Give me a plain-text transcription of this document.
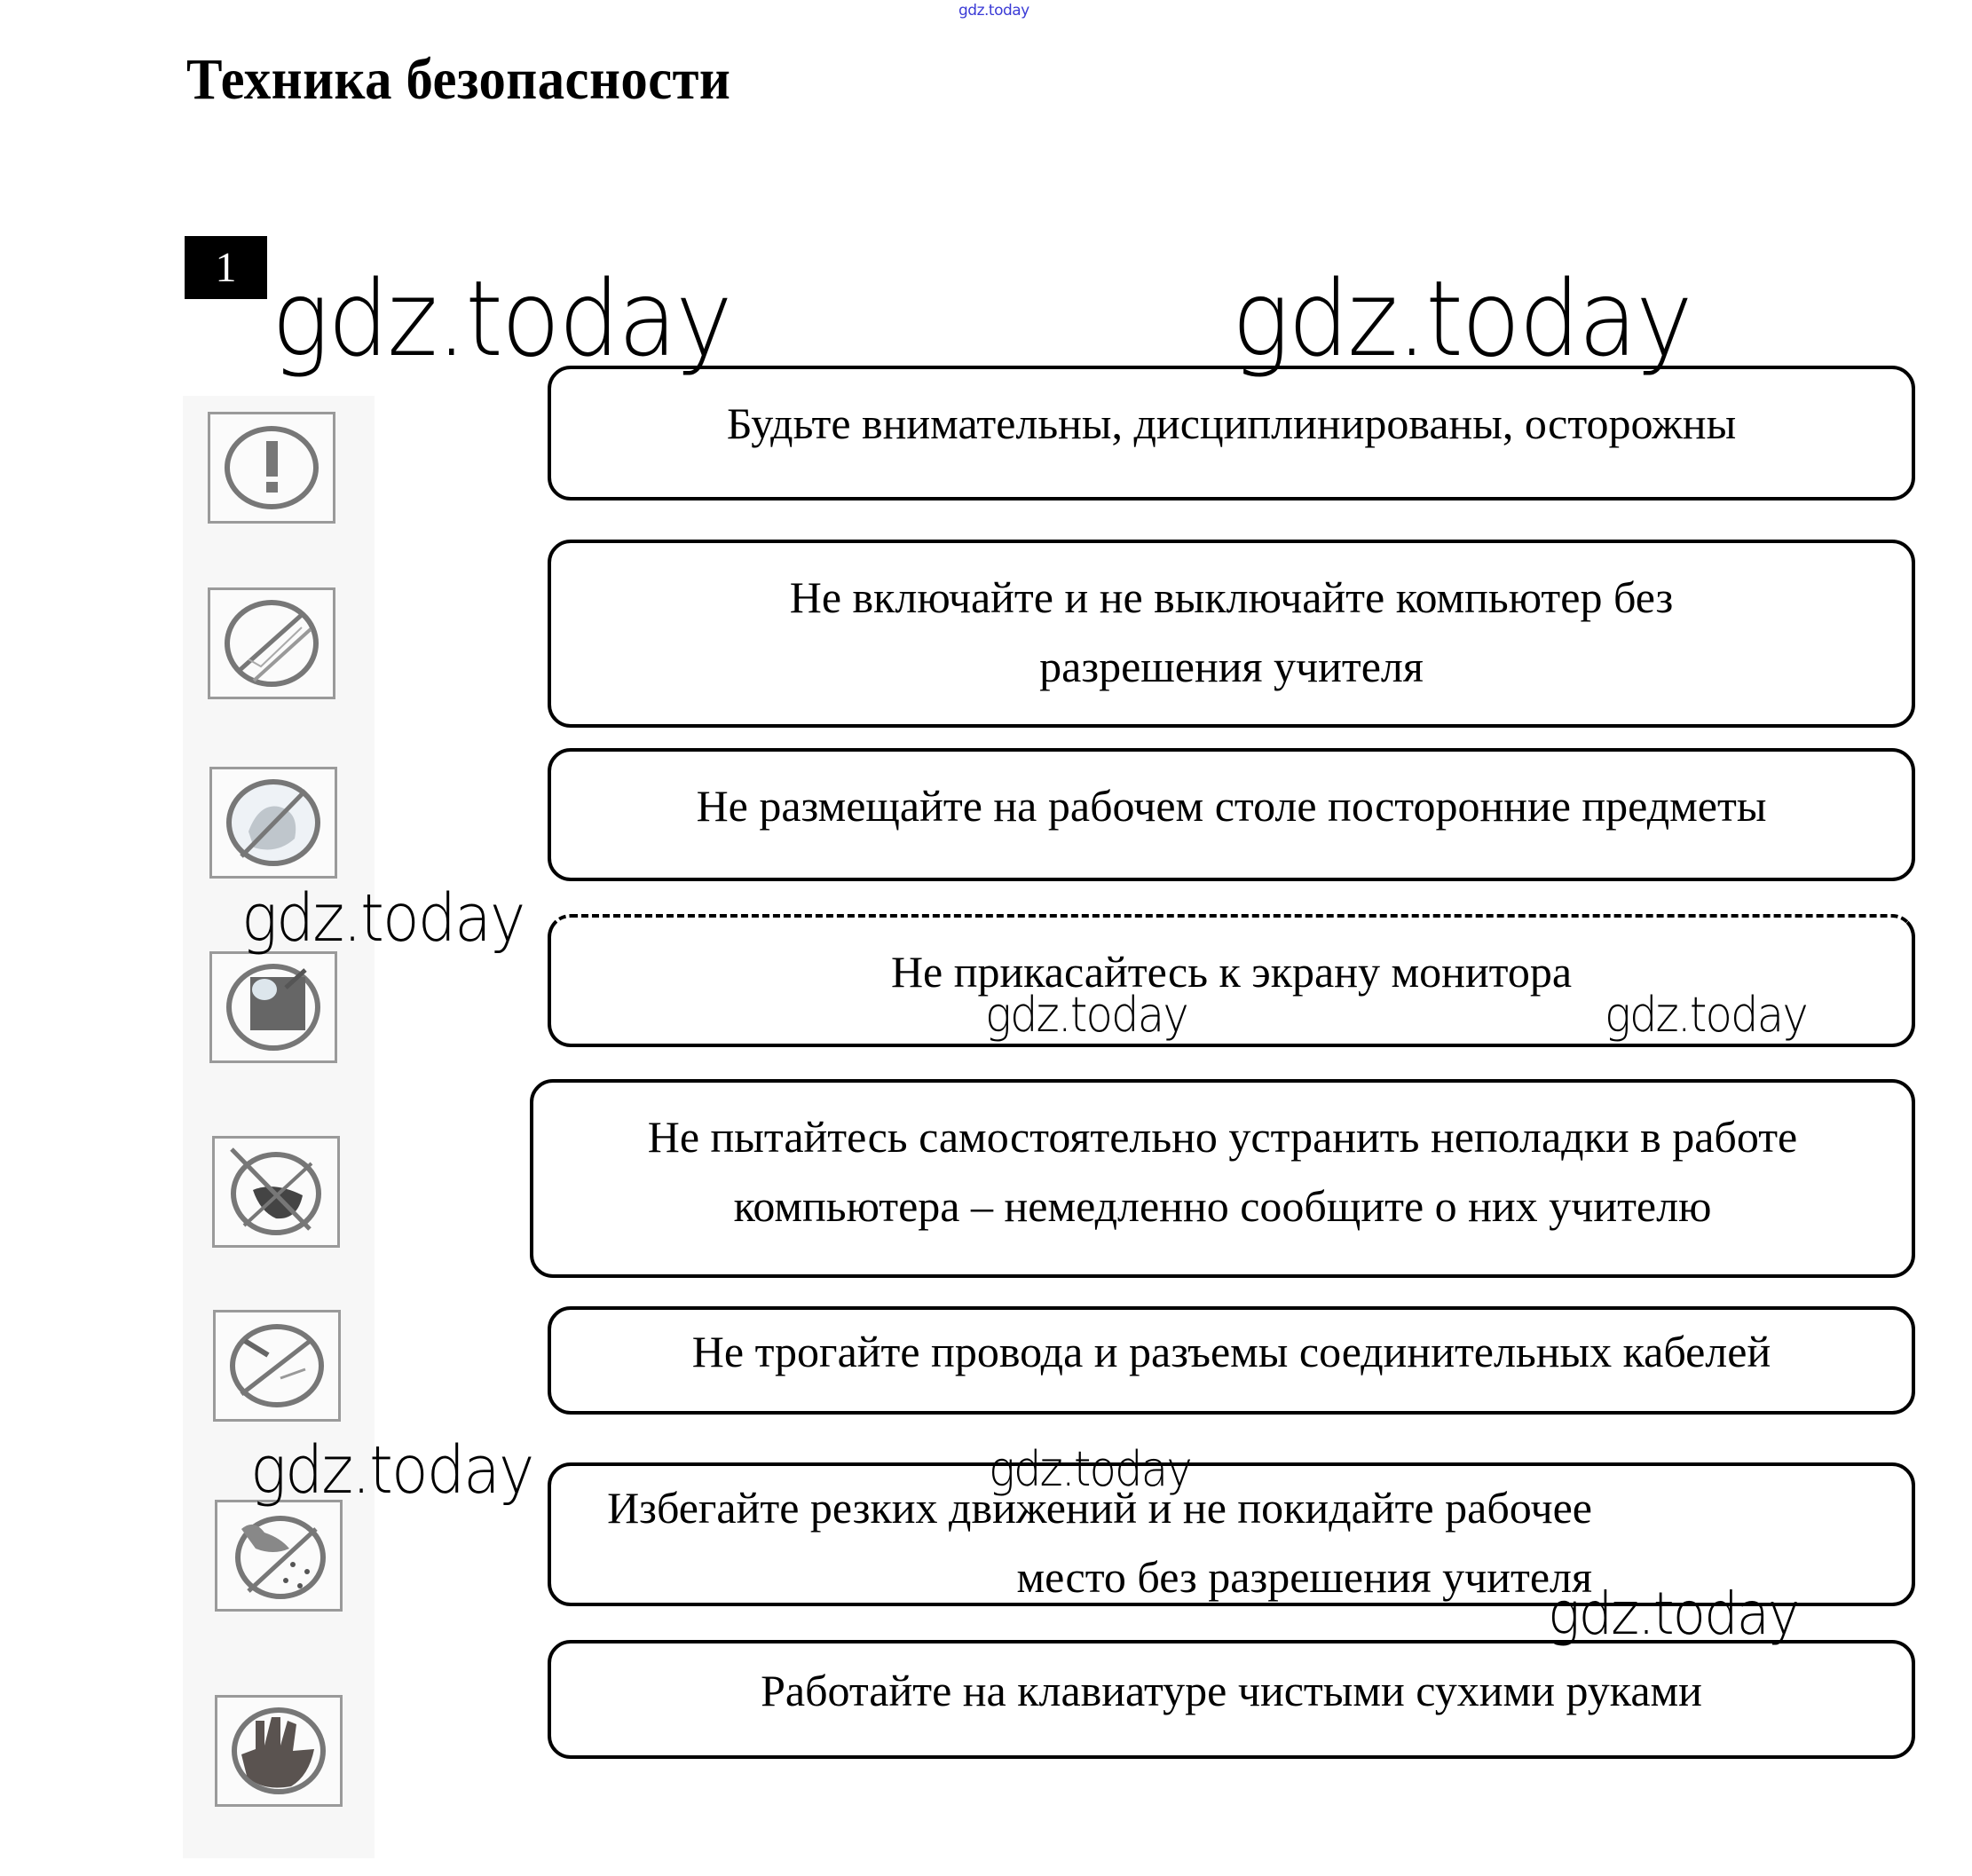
gdz.today
Техника безопасности
1
Будьте внимательны, дисциплинированы, осторожны
Не включайте и не выключайте компьютер без разрешения учителя
Не размещайте на рабочем столе посторонние предметы
Не прикасайтесь к экрану монитора
Не пытайтесь самостоятельно устранить неполадки в работе компьютера – немедленно сообщите о них учителю
Не трогайте провода и разъемы соединительных кабелей
Избегайте резких движений и не покидайте рабочее место без разрешения учителя
Работайте на клавиатуре чистыми сухими руками
gdz.today	gdz.today
gdz.today
gdz.today	gdz.today
gdz.today	gdz.today
gdz.today
